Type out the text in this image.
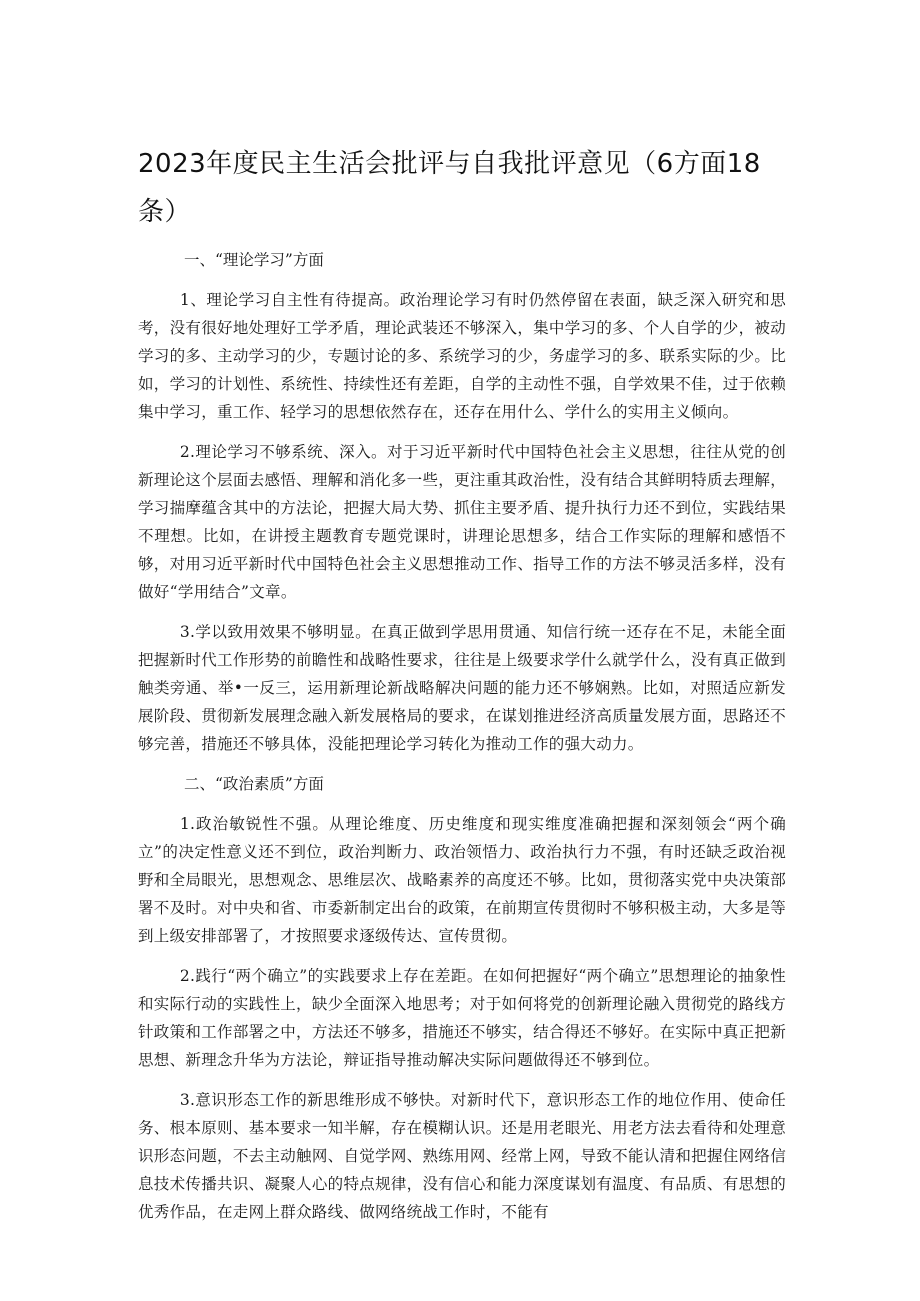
2023年度民主生活会批评与自我批评意见（6方面18条）

一、“理论学习”方面

1、理论学习自主性有待提高。政治理论学习有时仍然停留在表面，缺乏深入研究和思考，没有很好地处理好工学矛盾，理论武装还不够深入，集中学习的多、个人自学的少，被动学习的多、主动学习的少，专题讨论的多、系统学习的少，务虚学习的多、联系实际的少。比如，学习的计划性、系统性、持续性还有差距，自学的主动性不强，自学效果不佳，过于依赖集中学习，重工作、轻学习的思想依然存在，还存在用什么、学什么的实用主义倾向。

2.理论学习不够系统、深入。对于习近平新时代中国特色社会主义思想，往往从党的创新理论这个层面去感悟、理解和消化多一些，更注重其政治性，没有结合其鲜明特质去理解，学习揣摩蕴含其中的方法论，把握大局大势、抓住主要矛盾、提升执行力还不到位，实践结果不理想。比如，在讲授主题教育专题党课时，讲理论思想多，结合工作实际的理解和感悟不够，对用习近平新时代中国特色社会主义思想推动工作、指导工作的方法不够灵活多样，没有做好“学用结合”文章。

3.学以致用效果不够明显。在真正做到学思用贯通、知信行统一还存在不足，未能全面把握新时代工作形势的前瞻性和战略性要求，往往是上级要求学什么就学什么，没有真正做到触类旁通、举•一反三，运用新理论新战略解决问题的能力还不够娴熟。比如，对照适应新发展阶段、贯彻新发展理念融入新发展格局的要求，在谋划推进经济高质量发展方面，思路还不够完善，措施还不够具体，没能把理论学习转化为推动工作的强大动力。

二、“政治素质”方面

1.政治敏锐性不强。从理论维度、历史维度和现实维度准确把握和深刻领会“两个确立”的决定性意义还不到位，政治判断力、政治领悟力、政治执行力不强，有时还缺乏政治视野和全局眼光，思想观念、思维层次、战略素养的高度还不够。比如，贯彻落实党中央决策部署不及时。对中央和省、市委新制定出台的政策，在前期宣传贯彻时不够积极主动，大多是等到上级安排部署了，才按照要求逐级传达、宣传贯彻。

2.践行“两个确立”的实践要求上存在差距。在如何把握好“两个确立”思想理论的抽象性和实际行动的实践性上，缺少全面深入地思考；对于如何将党的创新理论融入贯彻党的路线方针政策和工作部署之中，方法还不够多，措施还不够实，结合得还不够好。在实际中真正把新思想、新理念升华为方法论，辩证指导推动解决实际问题做得还不够到位。

3.意识形态工作的新思维形成不够快。对新时代下，意识形态工作的地位作用、使命任务、根本原则、基本要求一知半解，存在模糊认识。还是用老眼光、用老方法去看待和处理意识形态问题，不去主动触网、自觉学网、熟练用网、经常上网，导致不能认清和把握住网络信息技术传播共识、凝聚人心的特点规律，没有信心和能力深度谋划有温度、有品质、有思想的优秀作品，在走网上群众路线、做网络统战工作时，不能有
